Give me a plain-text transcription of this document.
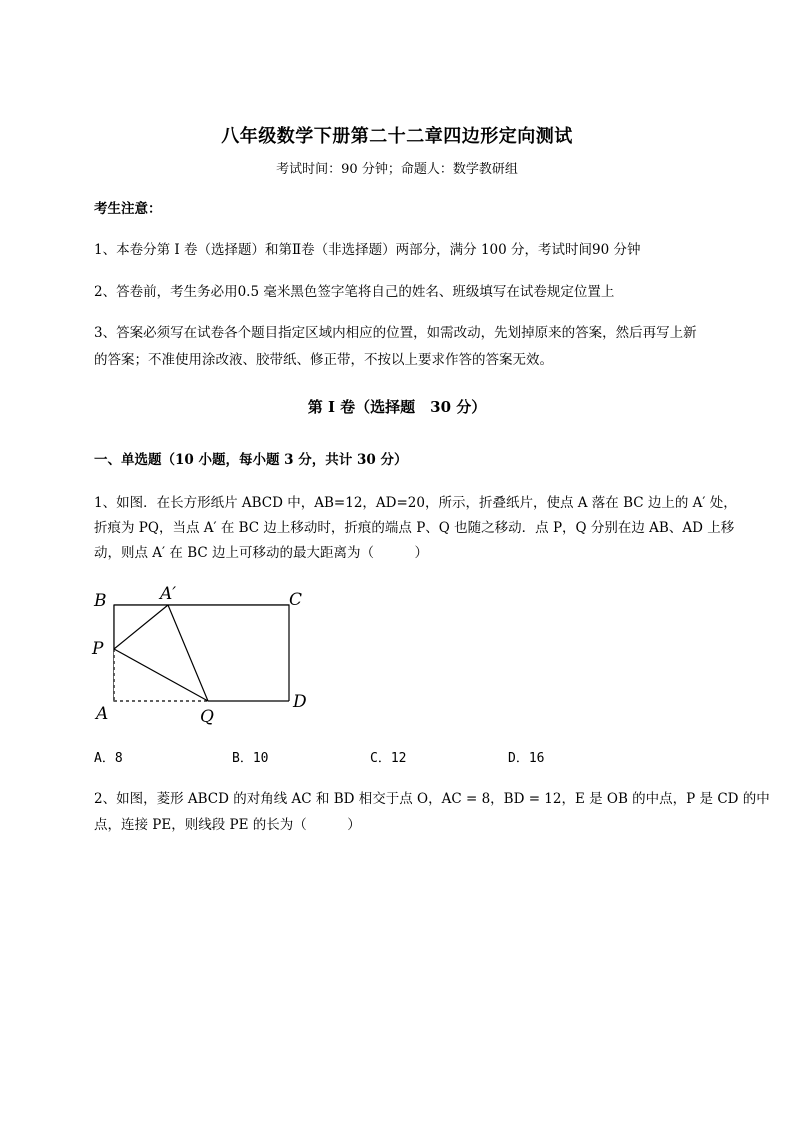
八年级数学下册第二十二章四边形定向测试
考试时间：90 分钟；命题人：数学教研组
考生注意：
1、本卷分第 I 卷（选择题）和第Ⅱ卷（非选择题）两部分，满分 100 分，考试时间90 分钟
2、答卷前，考生务必用0.5 毫米黑色签字笔将自己的姓名、班级填写在试卷规定位置上
3、答案必须写在试卷各个题目指定区域内相应的位置，如需改动，先划掉原来的答案，然后再写上新
的答案；不准使用涂改液、胶带纸、修正带，不按以上要求作答的答案无效。
第 I 卷（选择题　30 分）
一、单选题（10 小题，每小题 3 分，共计 30 分）
1、如图．在长方形纸片 ABCD 中，AB=12，AD=20，所示，折叠纸片，使点 A 落在 BC 边上的 A′ 处，
折痕为 PQ，当点 A′ 在 BC 边上移动时，折痕的端点 P、Q 也随之移动．点 P，Q 分别在边 AB、AD 上移
动，则点 A′ 在 BC 边上可移动的最大距离为（　　　）
B	A′	C
P
A	Q
D
A．8	B．10	C．12	D．16
2、如图，菱形 ABCD 的对角线 AC 和 BD 相交于点 O，AC = 8，BD = 12，E 是 OB 的中点，P 是 CD 的中
点，连接 PE，则线段 PE 的长为（　　　）
